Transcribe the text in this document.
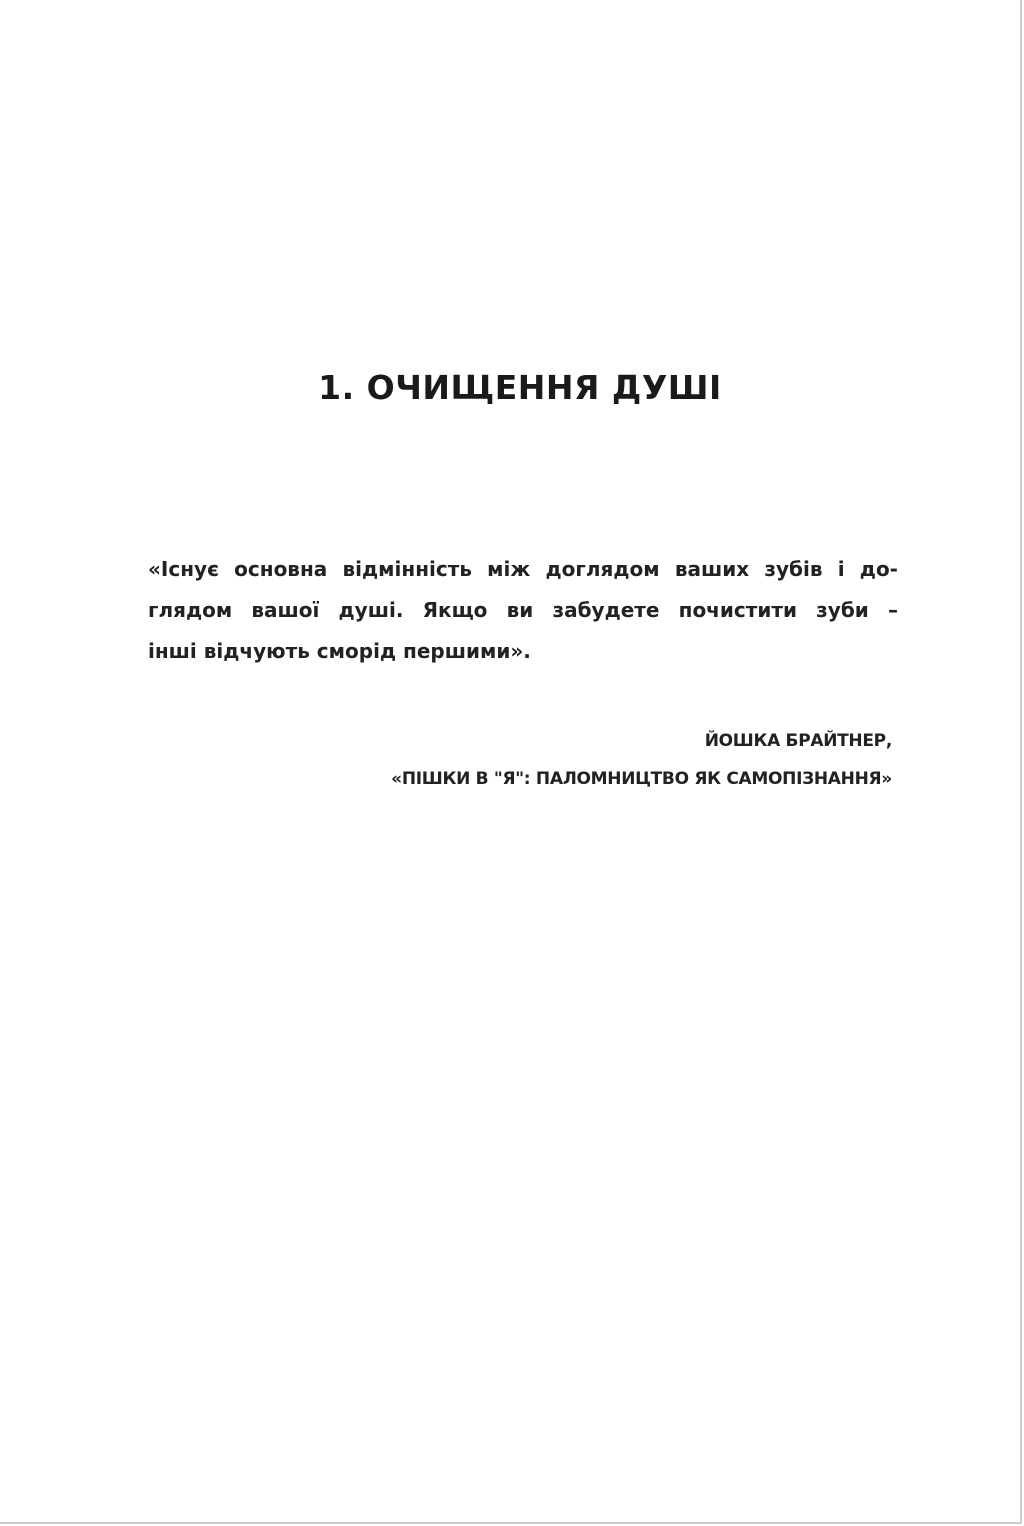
1. ОЧИЩЕННЯ ДУШІ
«Існує основна відмінність між доглядом ваших зубів і до-
глядом вашої душі. Якщо ви забудете почистити зуби –
інші відчують сморід першими».
ЙОШКА БРАЙТНЕР,
«ПІШКИ В "Я": ПАЛОМНИЦТВО ЯК САМОПІЗНАННЯ»
